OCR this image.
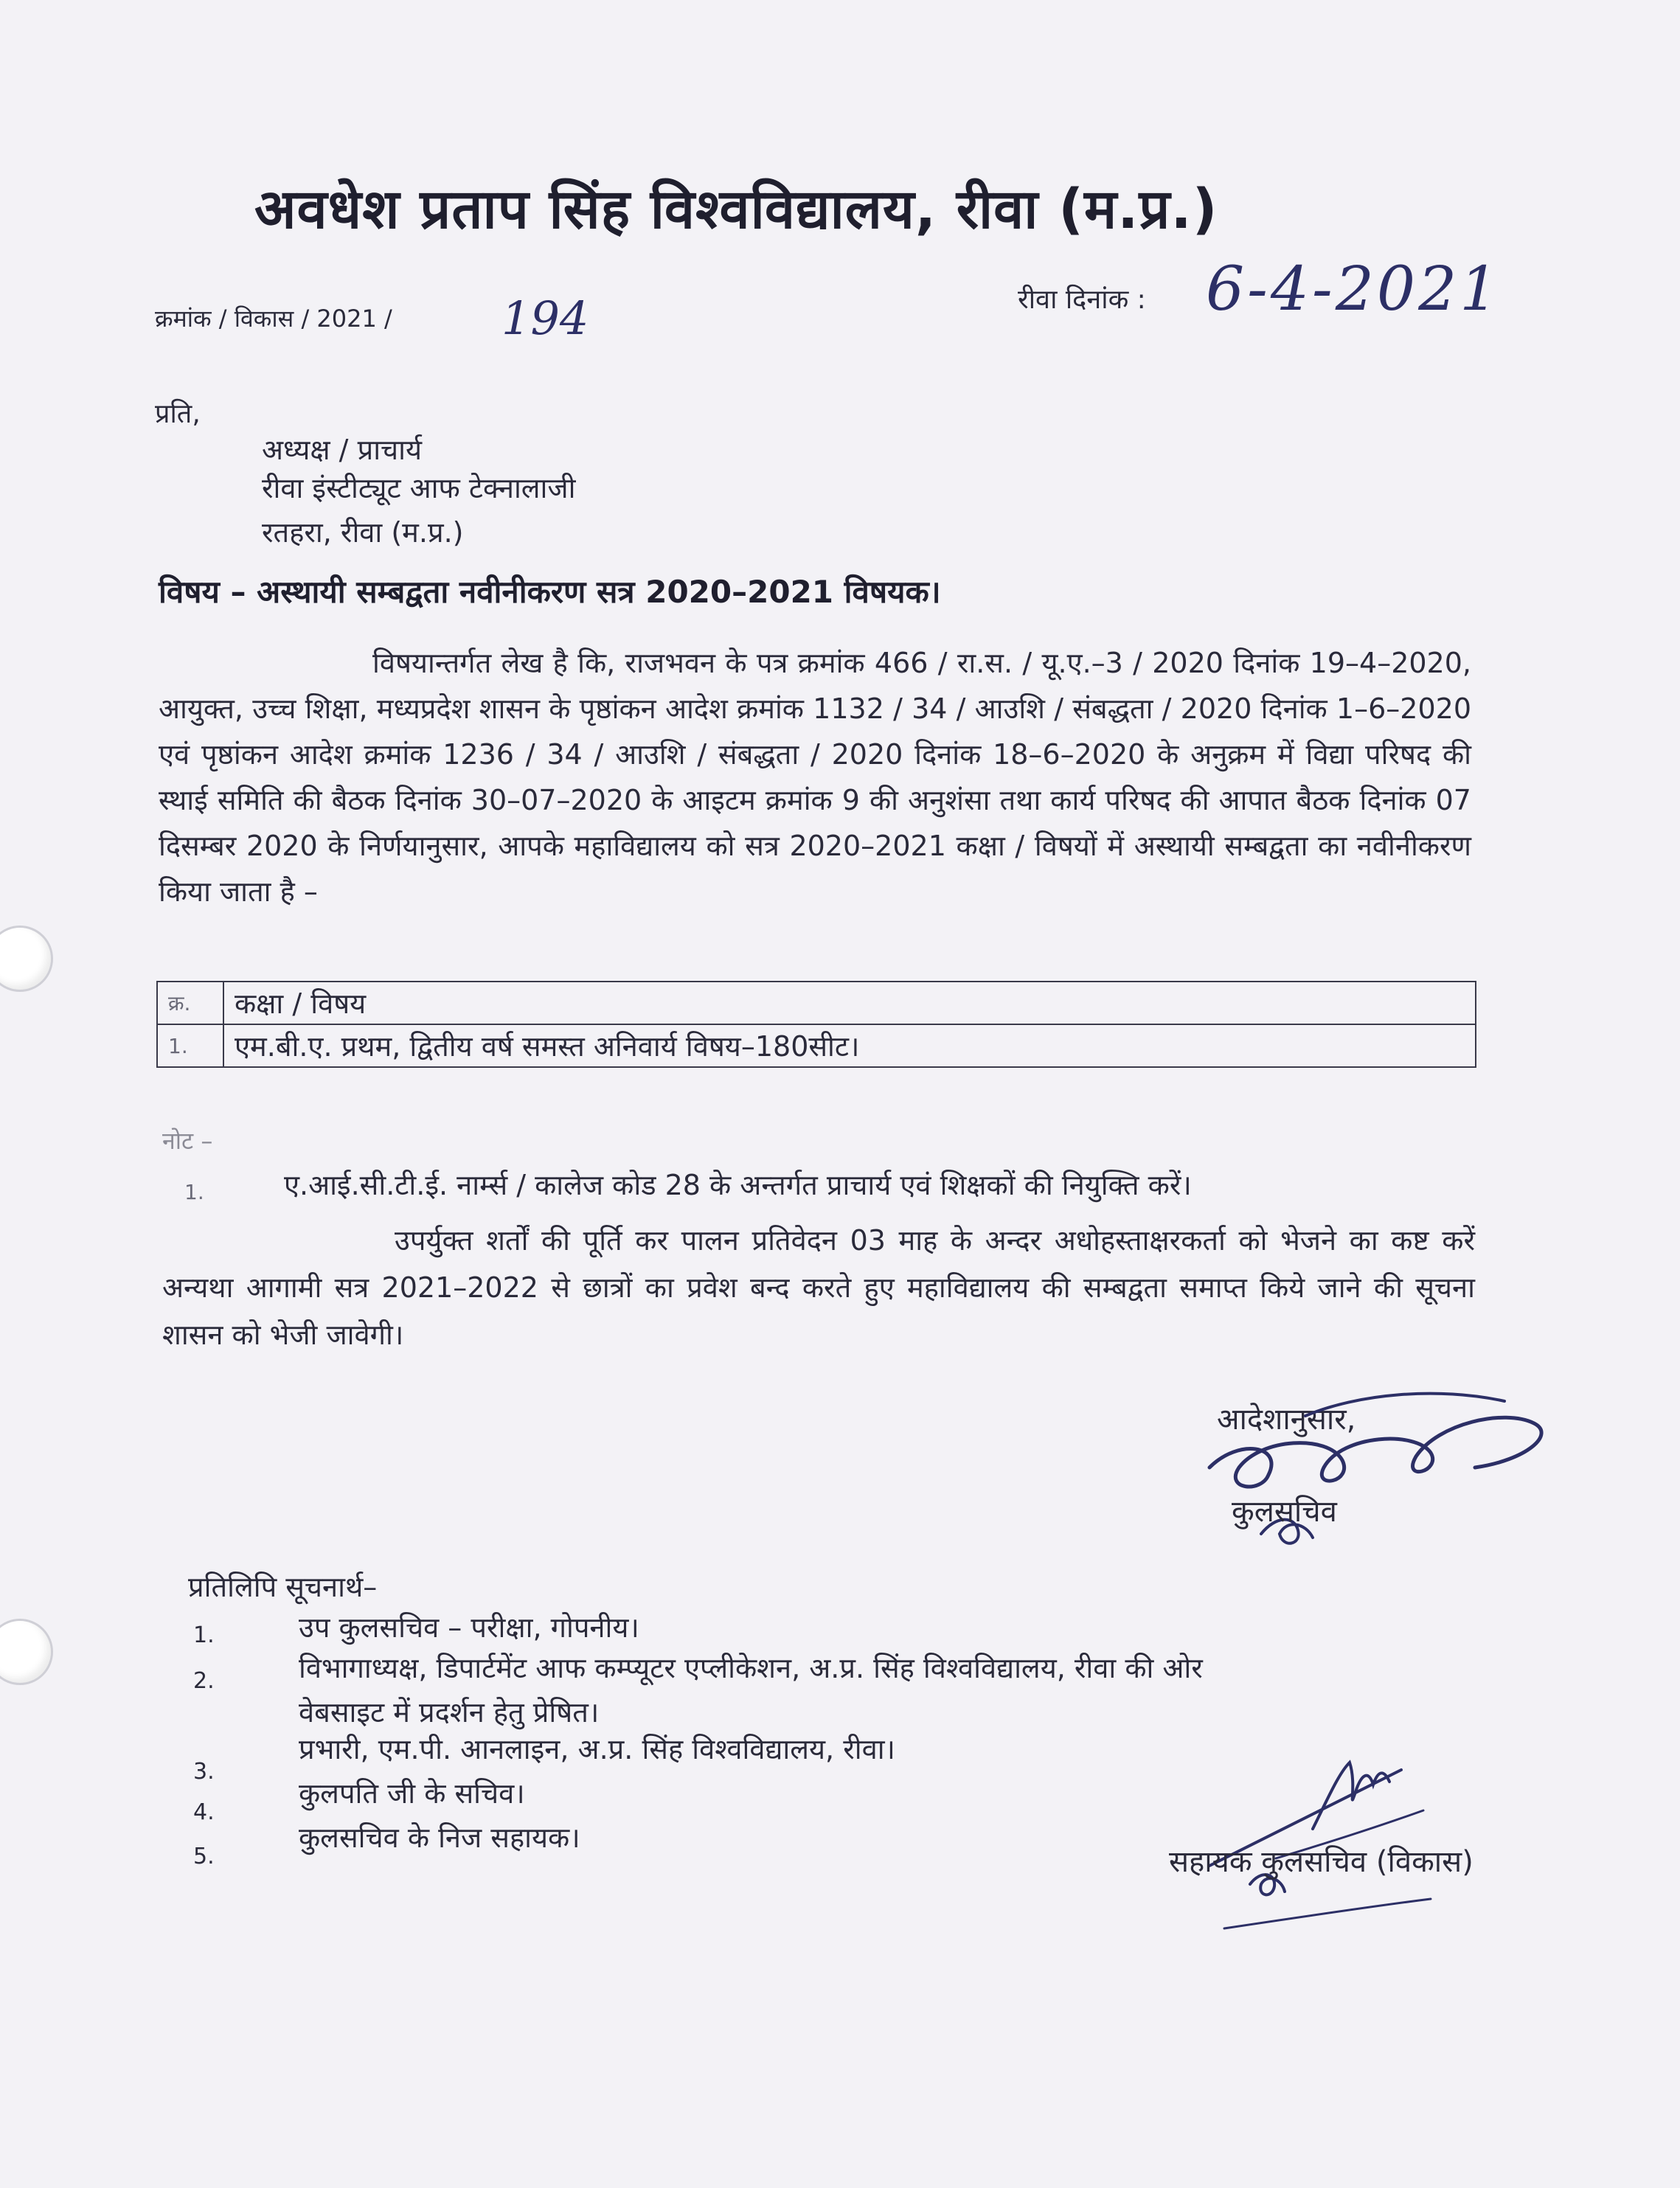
अवधेश प्रताप सिंह विश्वविद्यालय, रीवा (म.प्र.)
क्रमांक / विकास / 2021 / 194	रीवा दिनांक : 6-4-2021
प्रति,
अध्यक्ष / प्राचार्य
रीवा इंस्टीट्यूट आफ टेक्नालाजी
रतहरा, रीवा (म.प्र.)
विषय – अस्थायी सम्बद्वता नवीनीकरण सत्र 2020–2021 विषयक।
विषयान्तर्गत लेख है कि, राजभवन के पत्र क्रमांक 466 / रा.स. / यू.ए.–3 / 2020 दिनांक 19–4–2020, आयुक्त, उच्च शिक्षा, मध्यप्रदेश शासन के पृष्ठांकन आदेश क्रमांक 1132 / 34 / आउशि / संबद्धता / 2020 दिनांक 1–6–2020 एवं पृष्ठांकन आदेश क्रमांक 1236 / 34 / आउशि / संबद्धता / 2020 दिनांक 18–6–2020 के अनुक्रम में विद्या परिषद की स्थाई समिति की बैठक दिनांक 30–07–2020 के आइटम क्रमांक 9 की अनुशंसा तथा कार्य परिषद की आपात बैठक दिनांक 07 दिसम्बर 2020 के निर्णयानुसार, आपके महाविद्यालय को सत्र 2020–2021 कक्षा / विषयों में अस्थायी सम्बद्वता का नवीनीकरण किया जाता है –
क्र.	कक्षा / विषय
1.	एम.बी.ए. प्रथम, द्वितीय वर्ष समस्त अनिवार्य विषय–180सीट।
नोट –
1.	ए.आई.सी.टी.ई. नार्म्स / कालेज कोड 28 के अन्तर्गत प्राचार्य एवं शिक्षकों की नियुक्ति करें।
उपर्युक्त शर्तों की पूर्ति कर पालन प्रतिवेदन 03 माह के अन्दर अधोहस्ताक्षरकर्ता को भेजने का कष्ट करें अन्यथा आगामी सत्र 2021–2022 से छात्रों का प्रवेश बन्द करते हुए महाविद्यालय की सम्बद्वता समाप्त किये जाने की सूचना शासन को भेजी जावेगी।
आदेशानुसार,
कुलसचिव
प्रतिलिपि सूचनार्थ–
1.	उप कुलसचिव – परीक्षा, गोपनीय।
2.	विभागाध्यक्ष, डिपार्टमेंट आफ कम्प्यूटर एप्लीकेशन, अ.प्र. सिंह विश्वविद्यालय, रीवा की ओर
वेबसाइट में प्रदर्शन हेतु प्रेषित।
3.
प्रभारी, एम.पी. आनलाइन, अ.प्र. सिंह विश्वविद्यालय, रीवा।
4.
कुलपति जी के सचिव।
5.
कुलसचिव के निज सहायक।
सहायक कुलसचिव (विकास)
